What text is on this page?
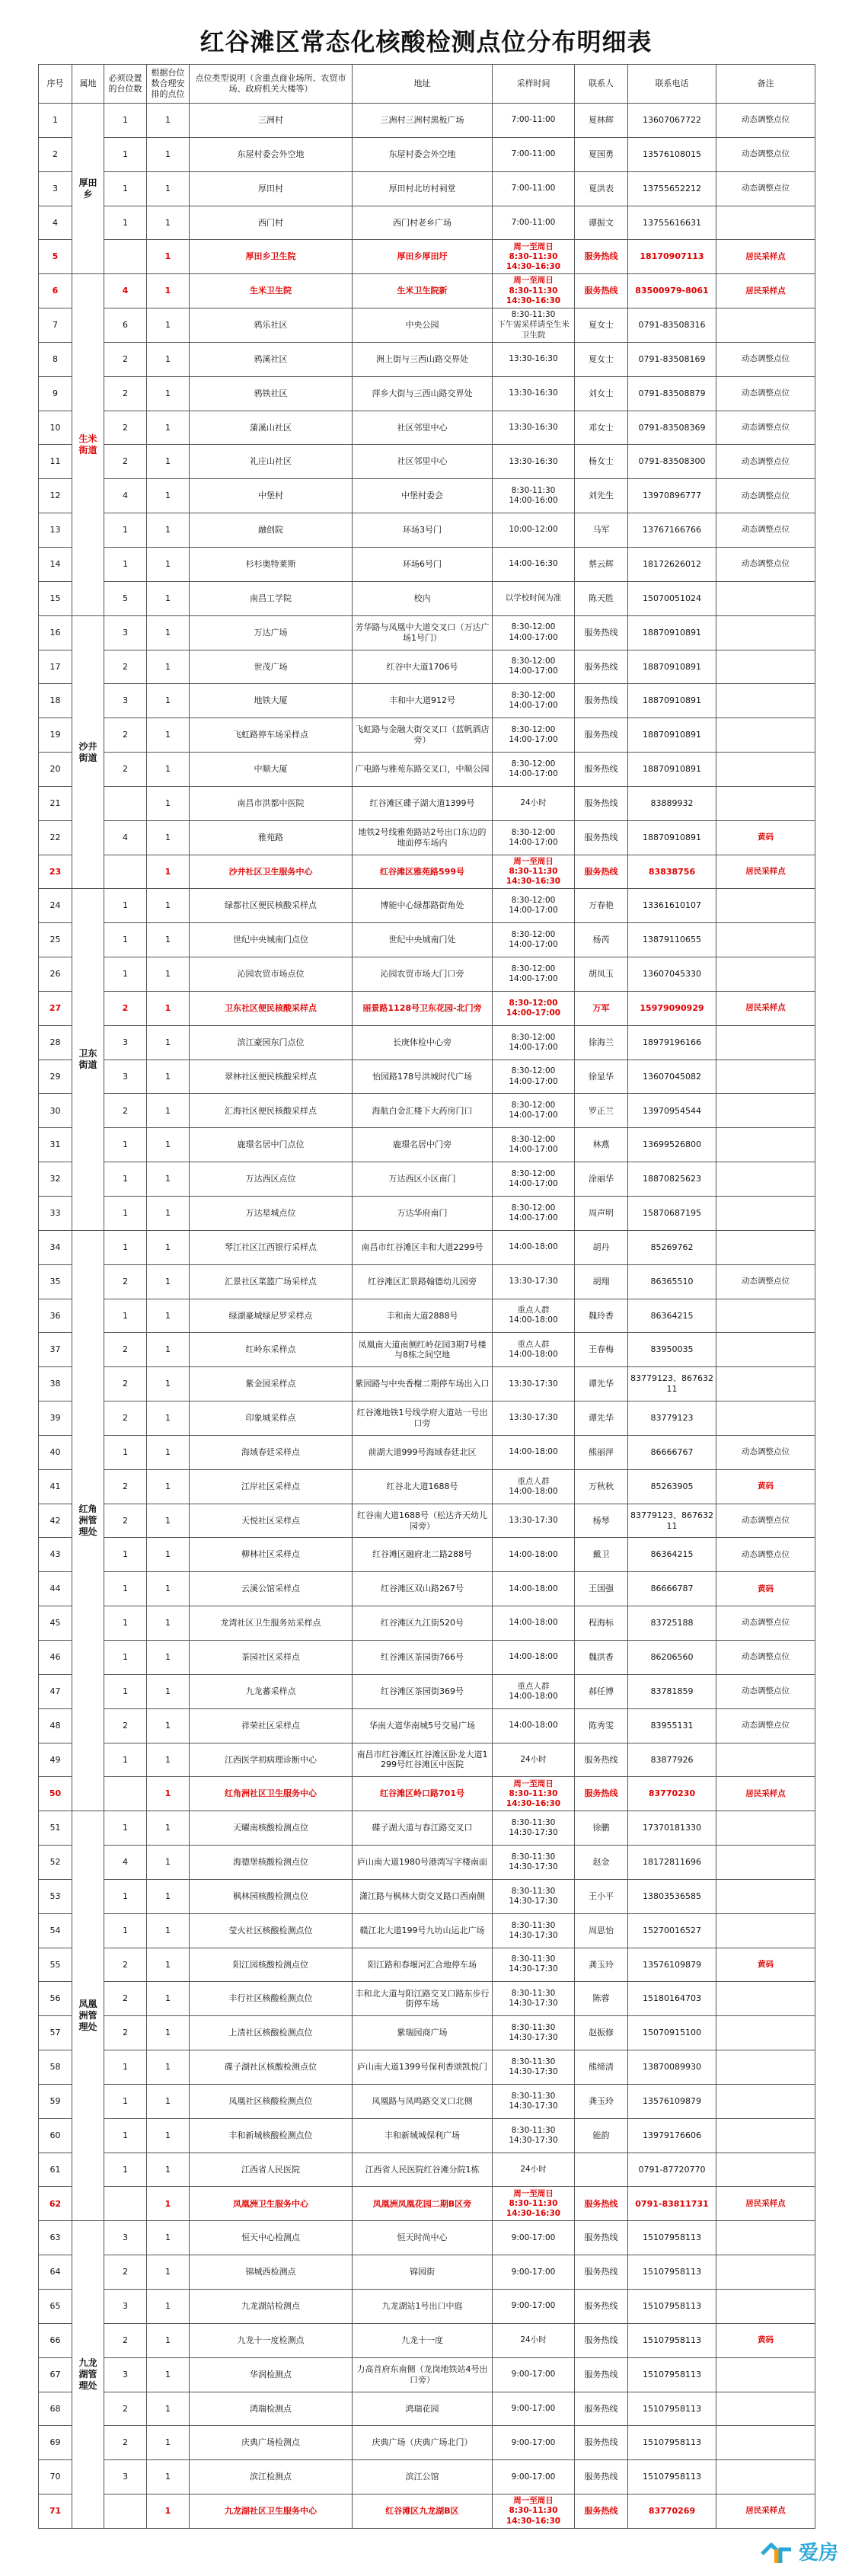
红谷滩区常态化核酸检测点位分布明细表
序号	属地	必须设置的台位数	根据台位数合理安排的点位	点位类型说明（含重点商业场所、农贸市场、政府机关大楼等）	地址	采样时间	联系人	联系电话	备注
1	厚田乡	1	1	三洲村	三洲村三洲村黑板广场	7:00-11:00	夏林辉	13607067722	动态调整点位
2		1	1	东屋村委会外空地	东屋村委会外空地	7:00-11:00	夏国勇	13576108015	动态调整点位
3		1	1	厚田村	厚田村北坊村祠堂	7:00-11:00	夏洪表	13755652212	动态调整点位
4		1	1	西门村	西门村老乡广场	7:00-11:00	谭振文	13755616631	
5			1	厚田乡卫生院	厚田乡厚田圩	周一至周日
8:30-11:30
14:30-16:30	服务热线	18170907113	居民采样点
6	生米街道	4	1	生米卫生院	生米卫生院新	周一至周日
8:30-11:30
14:30-16:30	服务热线	83500979-8061	居民采样点
7		6	1	鸦乐社区	中央公园	8:30-11:30
下午需采样请至生米卫生院	夏女士	0791-83508316	
8		2	1	鸦溪社区	洲上街与三西山路交界处	13:30-16:30	夏女士	0791-83508169	动态调整点位
9		2	1	鸦铁社区	萍乡大街与三西山路交界处	13:30-16:30	刘女士	0791-83508879	动态调整点位
10		2	1	蒲溪山社区	社区邻里中心	13:30-16:30	邓女士	0791-83508369	动态调整点位
11		2	1	礼庄山社区	社区邻里中心	13:30-16:30	杨女士	0791-83508300	动态调整点位
12		4	1	中堡村	中堡村委会	8:30-11:30
14:00-16:00	刘先生	13970896777	动态调整点位
13		1	1	融创院	环场3号门	10:00-12:00	马军	13767166766	动态调整点位
14		1	1	杉杉奥特莱斯	环场6号门	14:00-16:30	蔡云辉	18172626012	动态调整点位
15		5	1	南昌工学院	校内	以学校时间为准	陈天胜	15070051024	
16	沙井街道	3	1	万达广场	芳华路与凤凰中大道交叉口（万达广场1号门）	8:30-12:00
14:00-17:00	服务热线	18870910891	
17		2	1	世茂广场	红谷中大道1706号	8:30-12:00
14:00-17:00	服务热线	18870910891	
18		3	1	地铁大厦	丰和中大道912号	8:30-12:00
14:00-17:00	服务热线	18870910891	
19		2	1	飞虹路停车场采样点	飞虹路与金融大街交叉口（蓝帆酒店旁）	8:30-12:00
14:00-17:00	服务热线	18870910891	
20		2	1	中顺大厦	广电路与雅苑东路交叉口，中顺公园	8:30-12:00
14:00-17:00	服务热线	18870910891	
21			1	南昌市洪都中医院	红谷滩区碟子湖大道1399号	24小时	服务热线	83889932	
22		4	1	雅苑路	地铁2号线雅苑路站2号出口东边的地面停车场内	8:30-12:00
14:00-17:00	服务热线	18870910891	黄码
23			1	沙井社区卫生服务中心	红谷滩区雅苑路599号	周一至周日
8:30-11:30
14:30-16:30	服务热线	83838756	居民采样点
24	卫东街道	1	1	绿都社区便民核酸采样点	博能中心绿都路街角处	8:30-12:00
14:00-17:00	万春艳	13361610107	
25		1	1	世纪中央城南门点位	世纪中央城南门处	8:30-12:00
14:00-17:00	杨芮	13879110655	
26		1	1	沁园农贸市场点位	沁园农贸市场大门口旁	8:30-12:00
14:00-17:00	胡凤玉	13607045330	
27		2	1	卫东社区便民核酸采样点	丽景路1128号卫东花园-北门旁	8:30-12:00
14:00-17:00	万军	15979090929	居民采样点
28		3	1	滨江豪园东门点位	长庚体检中心旁	8:30-12:00
14:00-17:00	徐海兰	18979196166	
29		3	1	翠林社区便民核酸采样点	怡园路178号洪城时代广场	8:30-12:00
14:00-17:00	徐显华	13607045082	
30		2	1	汇海社区便民核酸采样点	海航白金汇楼下大药房门口	8:30-12:00
14:00-17:00	罗正兰	13970954544	
31		1	1	鹿璟名居中门点位	鹿璟名居中门旁	8:30-12:00
14:00-17:00	林燕	13699526800	
32		1	1	万达西区点位	万达西区小区南门	8:30-12:00
14:00-17:00	涂丽华	18870825623	
33		1	1	万达星城点位	万达华府南门	8:30-12:00
14:00-17:00	周声明	15870687195	
34	红角洲管理处	1	1	琴江社区江西银行采样点	南昌市红谷滩区丰和大道2299号	14:00-18:00	胡丹	85269762	
35		2	1	汇景社区菜篮广场采样点	红谷滩区汇景路翰德幼儿园旁	13:30-17:30	胡翔	86365510	动态调整点位
36		1	1	绿湖豪城绿尼罗采样点	丰和南大道2888号	重点人群
14:00-18:00	魏玲香	86364215	
37		2	1	红岭东采样点	凤凰南大道南侧红岭花园3期7号楼与8栋之间空地	重点人群
14:00-18:00	王春梅	83950035	
38		2	1	紫金园采样点	紫园路与中央香榭二期停车场出入口	13:30-17:30	谭先华	83779123、86763211	
39		2	1	印象城采样点	红谷滩地铁1号线学府大道站一号出口旁	13:30-17:30	谭先华	83779123	
40		1	1	海域春廷采样点	前湖大道999号海域春廷北区	14:00-18:00	熊丽萍	86666767	动态调整点位
41		2	1	江岸社区采样点	红谷北大道1688号	重点人群
14:00-18:00	万秋秋	85263905	黄码
42		2	1	天悦社区采样点	红谷南大道1688号（松达齐天幼儿园旁）	13:30-17:30	杨琴	83779123、86763211	动态调整点位
43		1	1	柳林社区采样点	红谷滩区融府北二路288号	14:00-18:00	戴卫	86364215	动态调整点位
44		1	1	云溪公馆采样点	红谷滩区双山路267号	14:00-18:00	王国强	86666787	黄码
45		1	1	龙湾社区卫生服务站采样点	红谷滩区九江街520号	14:00-18:00	程海标	83725188	动态调整点位
46		1	1	茶园社区采样点	红谷滩区茶园街766号	14:00-18:00	魏洪香	86206560	动态调整点位
47		1	1	九龙蕃采样点	红谷滩区茶园街369号	重点人群
14:00-18:00	郝任博	83781859	动态调整点位
48		2	1	祥荣社区采样点	华南大道华南城5号交易广场	14:00-18:00	陈秀雯	83955131	动态调整点位
49		1	1	江西医学初病理诊断中心	南昌市红谷滩区红谷滩区卧龙大道1299号红谷滩区中医院	24小时	服务热线	83877926	
50			1	红角洲社区卫生服务中心	红谷滩区岭口路701号	周一至周日
8:30-11:30
14:30-16:30	服务热线	83770230	居民采样点
51	凤凰洲管理处	1	1	天曜南核酸检测点位	碟子湖大道与春江路交叉口	8:30-11:30
14:30-17:30	徐鹏	17370181330	
52		4	1	海德堡核酸检测点位	庐山南大道1980号港湾写字楼南面	8:30-11:30
14:30-17:30	赵金	18172811696	
53		1	1	枫林园核酸检测点位	潇江路与枫林大街交叉路口西南侧	8:30-11:30
14:30-17:30	王小平	13803536585	
54		1	1	莹火社区核酸检测点位	赣江北大道199号九坊山运北广场	8:30-11:30
14:30-17:30	周思怡	15270016527	
55		2	1	阳江园核酸检测点位	阳江路和春堰河汇合地停车场	8:30-11:30
14:30-17:30	龚玉玲	13576109879	黄码
56		2	1	丰行社区核酸检测点位	丰和北大道与阳江路交叉口路东步行街停车场	8:30-11:30
14:30-17:30	陈蓉	15180164703	
57		2	1	上清社区核酸检测点位	紫瑞园商广场	8:30-11:30
14:30-17:30	赵振修	15070915100	
58		1	1	碟子湖社区核酸检测点位	庐山南大道1399号保利香颂凯悦门	8:30-11:30
14:30-17:30	熊缔清	13870089930	
59		1	1	凤凰社区核酸检测点位	凤凰路与凤鸣路交叉口北侧	8:30-11:30
14:30-17:30	龚玉玲	13576109879	
60		1	1	丰和新城核酸检测点位	丰和新城城保利广场	8:30-11:30
14:30-17:30	能韵	13979176606	
61		1	1	江西省人民医院	江西省人民医院红谷滩分院1栋	24小时		0791-87720770	
62			1	凤凰洲卫生服务中心	凤凰洲凤凰花园二期B区旁	周一至周日
8:30-11:30
14:30-16:30	服务热线	0791-83811731	居民采样点
63	九龙湖管理处	3	1	恒天中心检测点	恒天时尚中心	9:00-17:00	服务热线	15107958113	
64		2	1	锦城西检测点	锦园街	9:00-17:00	服务热线	15107958113	
65		3	1	九龙湖站检测点	九龙湖站1号出口中庭	9:00-17:00	服务热线	15107958113	
66		2	1	九龙十一度检测点	九龙十一度	24小时	服务热线	15107958113	黄码
67		3	1	华润检测点	力高首府东南侧（龙岗地铁站4号出口旁）	9:00-17:00	服务热线	15107958113	
68		2	1	鸿瑞检测点	鸿瑞花园	9:00-17:00	服务热线	15107958113	
69		2	1	庆典广场检测点	庆典广场（庆典广场北门）	9:00-17:00	服务热线	15107958113	
70		3	1	滨江检测点	滨江公馆	9:00-17:00	服务热线	15107958113	
71			1	九龙湖社区卫生服务中心	红谷滩区九龙湖B区	周一至周日
8:30-11:30
14:30-16:30	服务热线	83770269	居民采样点
爱房
